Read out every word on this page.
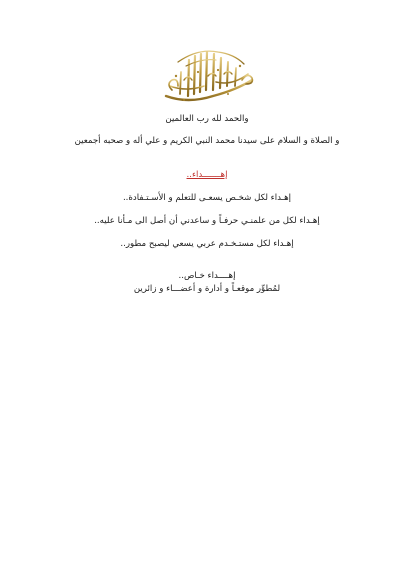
والحمد لله رب العالمين
و الصلاة و السلام على سيدنا محمد النبي الكريم و علي أله و صحبه أجمعين
إهـــــــداء..
إهـداء لكل شخـص يسعـى للتعلم و الأسـتـفادة..
إهـداء لكل من علمنـي حرفـاً و ساعدني أن أصل الى مـأنا عليه..
إهـداء لكل مستـخـدم عربي يسعي ليصبح مطور..
إهــــداء خـاص..
لمُطوِّر موقعـاً و أدارة و أعضـــاء و زائرين
